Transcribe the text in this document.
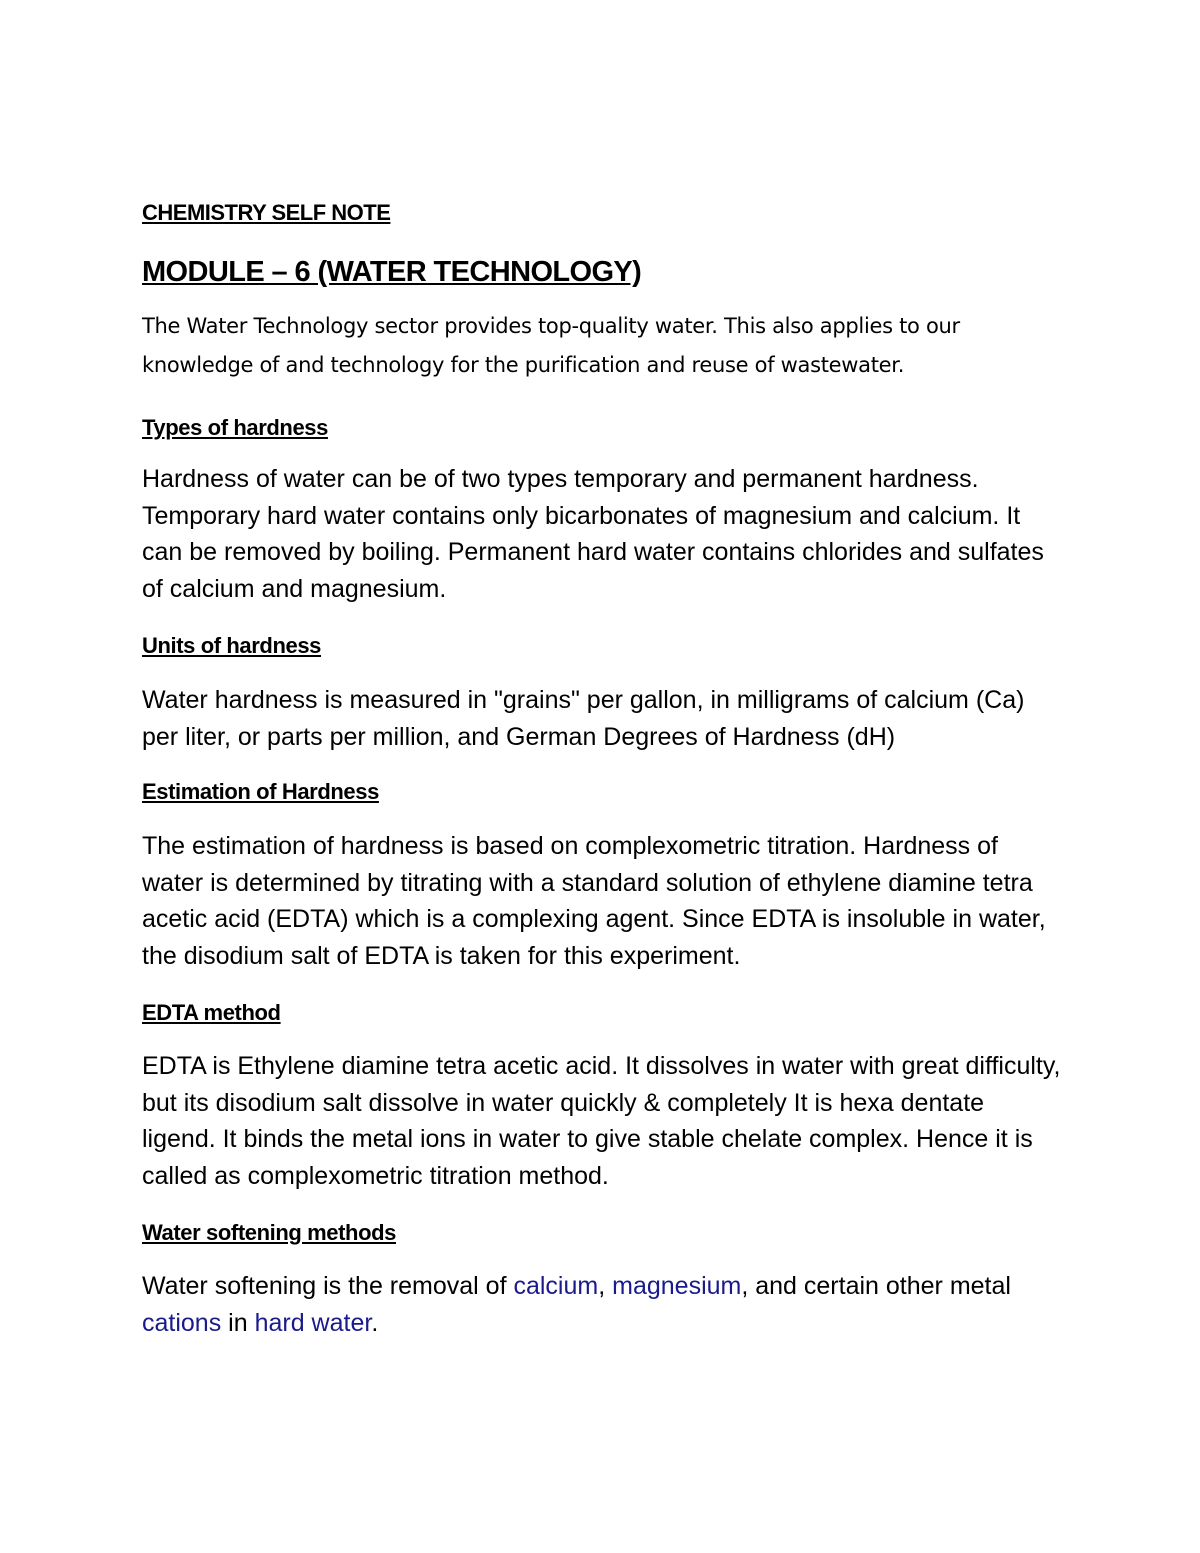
CHEMISTRY SELF NOTE

MODULE – 6 (WATER TECHNOLOGY)

The Water Technology sector provides top-quality water. This also applies to our knowledge of and technology for the purification and reuse of wastewater.

Types of hardness

Hardness of water can be of two types temporary and permanent hardness. Temporary hard water contains only bicarbonates of magnesium and calcium. It can be removed by boiling. Permanent hard water contains chlorides and sulfates of calcium and magnesium.

Units of hardness

Water hardness is measured in "grains" per gallon, in milligrams of calcium (Ca) per liter, or parts per million, and German Degrees of Hardness (dH)

Estimation of Hardness

The estimation of hardness is based on complexometric titration. Hardness of water is determined by titrating with a standard solution of ethylene diamine tetra acetic acid (EDTA) which is a complexing agent. Since EDTA is insoluble in water, the disodium salt of EDTA is taken for this experiment.

EDTA method

EDTA is Ethylene diamine tetra acetic acid. It dissolves in water with great difficulty, but its disodium salt dissolve in water quickly & completely It is hexa dentate ligend. It binds the metal ions in water to give stable chelate complex. Hence it is called as complexometric titration method.

Water softening methods

Water softening is the removal of calcium, magnesium, and certain other metal cations in hard water.
